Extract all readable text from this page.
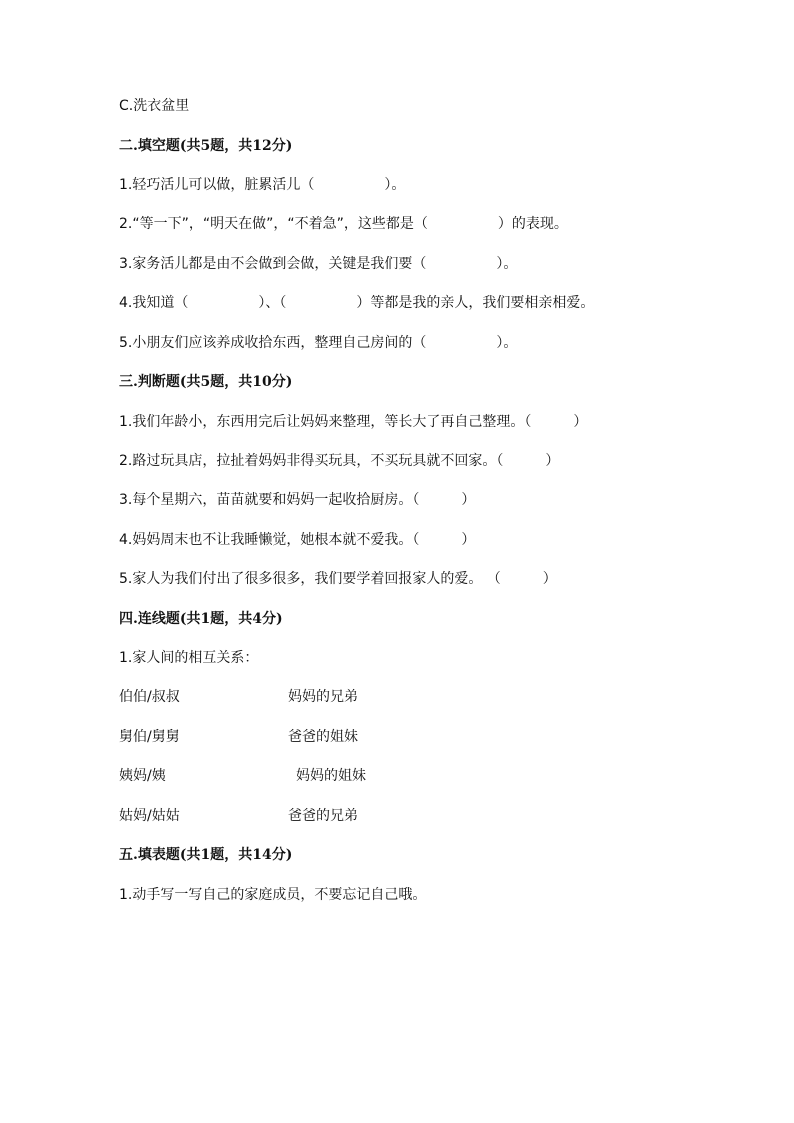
C.洗衣盆里
二.填空题(共5题，共12分)
1.轻巧活儿可以做，脏累活儿（　　　　　）。
2.“等一下”，“明天在做”，“不着急”，这些都是（　　　　　）的表现。
3.家务活儿都是由不会做到会做，关键是我们要（　　　　　）。
4.我知道（　　　　　）、（　　　　　）等都是我的亲人，我们要相亲相爱。
5.小朋友们应该养成收拾东西，整理自己房间的（　　　　　）。
三.判断题(共5题，共10分)
1.我们年龄小，东西用完后让妈妈来整理，等长大了再自己整理。（　　　）
2.路过玩具店，拉扯着妈妈非得买玩具，不买玩具就不回家。（　　　）
3.每个星期六，苗苗就要和妈妈一起收拾厨房。（　　　）
4.妈妈周末也不让我睡懒觉，她根本就不爱我。（　　　）
5.家人为我们付出了很多很多，我们要学着回报家人的爱。 （　　　）
四.连线题(共1题，共4分)
1.家人间的相互关系：
伯伯/叔叔	妈妈的兄弟
舅伯/舅舅	爸爸的姐妹
姨妈/姨	妈妈的姐妹
姑妈/姑姑	爸爸的兄弟
五.填表题(共1题，共14分)
1.动手写一写自己的家庭成员，不要忘记自己哦。
